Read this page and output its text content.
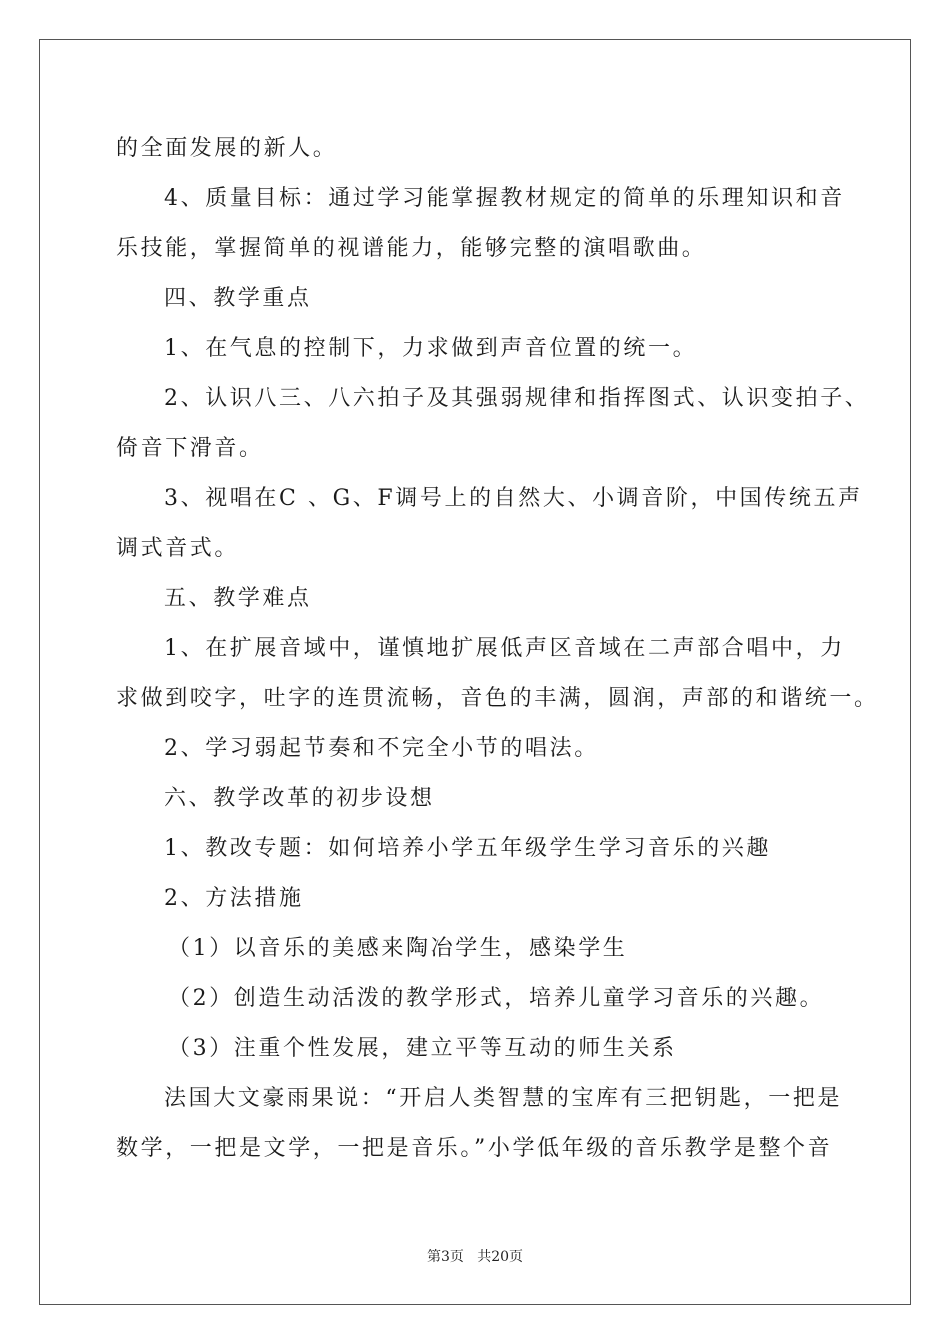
的全面发展的新人。
4、质量目标：通过学习能掌握教材规定的简单的乐理知识和音
乐技能，掌握简单的视谱能力，能够完整的演唱歌曲。
四、教学重点
1、在气息的控制下，力求做到声音位置的统一。
2、认识八三、八六拍子及其强弱规律和指挥图式、认识变拍子、
倚音下滑音。
3、视唱在C 、G、F调号上的自然大、小调音阶，中国传统五声
调式音式。
五、教学难点
1、在扩展音域中，谨慎地扩展低声区音域在二声部合唱中，力
求做到咬字，吐字的连贯流畅，音色的丰满，圆润，声部的和谐统一。
2、学习弱起节奏和不完全小节的唱法。
六、教学改革的初步设想
1、教改专题：如何培养小学五年级学生学习音乐的兴趣
2、方法措施
（1）以音乐的美感来陶冶学生，感染学生
（2）创造生动活泼的教学形式，培养儿童学习音乐的兴趣。
（3）注重个性发展，建立平等互动的师生关系
法国大文豪雨果说：“开启人类智慧的宝库有三把钥匙，一把是
数学，一把是文学，一把是音乐。”小学低年级的音乐教学是整个音
第3页   共20页
